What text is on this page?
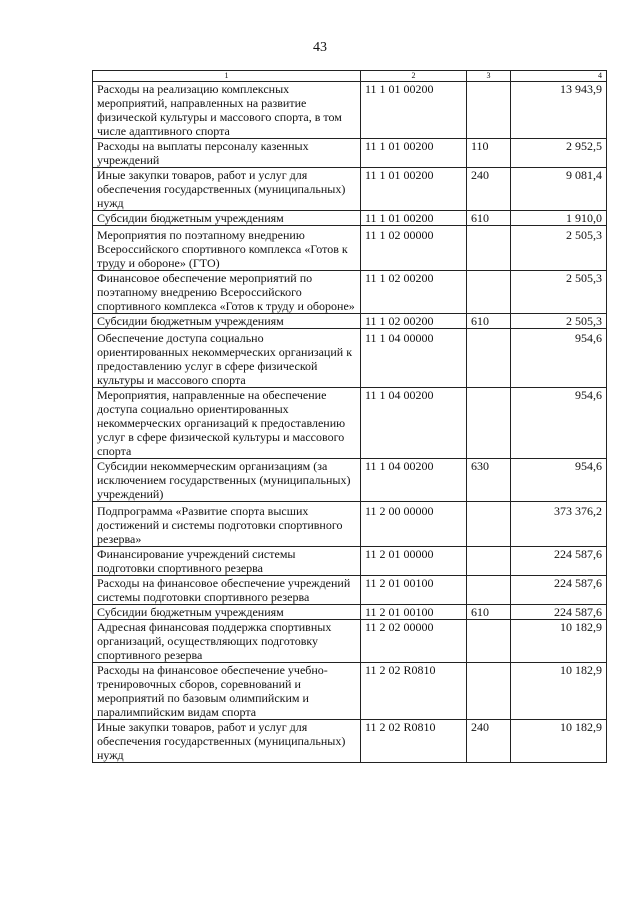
43
1	2	3	4
Расходы на реализацию комплексных мероприятий, направленных на развитие физической культуры и массового спорта, в том числе адаптивного спорта	11 1 01 00200		13 943,9
Расходы на выплаты персоналу казенных учреждений	11 1 01 00200	110	2 952,5
Иные закупки товаров, работ и услуг для обеспечения государственных (муниципальных) нужд	11 1 01 00200	240	9 081,4
Субсидии бюджетным учреждениям	11 1 01 00200	610	1 910,0
Мероприятия по поэтапному внедрению Всероссийского спортивного комплекса «Готов к труду и обороне» (ГТО)	11 1 02 00000		2 505,3
Финансовое обеспечение мероприятий по поэтапному внедрению Всероссийского спортивного комплекса «Готов к труду и обороне»	11 1 02 00200		2 505,3
Субсидии бюджетным учреждениям	11 1 02 00200	610	2 505,3
Обеспечение доступа социально ориентированных некоммерческих организаций к предоставлению услуг в сфере физической культуры и массового спорта	11 1 04 00000		954,6
Мероприятия, направленные на обеспечение доступа социально ориентированных некоммерческих организаций к предоставлению услуг в сфере физической культуры и массового спорта	11 1 04 00200		954,6
Субсидии некоммерческим организациям (за исключением государственных (муниципальных) учреждений)	11 1 04 00200	630	954,6
Подпрограмма «Развитие спорта высших достижений и системы подготовки спортивного резерва»	11 2 00 00000		373 376,2
Финансирование учреждений системы подготовки спортивного резерва	11 2 01 00000		224 587,6
Расходы на финансовое обеспечение учреждений системы подготовки спортивного резерва	11 2 01 00100		224 587,6
Субсидии бюджетным учреждениям	11 2 01 00100	610	224 587,6
Адресная финансовая поддержка спортивных организаций, осуществляющих подготовку спортивного резерва	11 2 02 00000		10 182,9
Расходы на финансовое обеспечение учебно-тренировочных сборов, соревнований и мероприятий по базовым олимпийским и паралимпийским видам спорта	11 2 02 R0810		10 182,9
Иные закупки товаров, работ и услуг для обеспечения государственных (муниципальных) нужд	11 2 02 R0810	240	10 182,9
